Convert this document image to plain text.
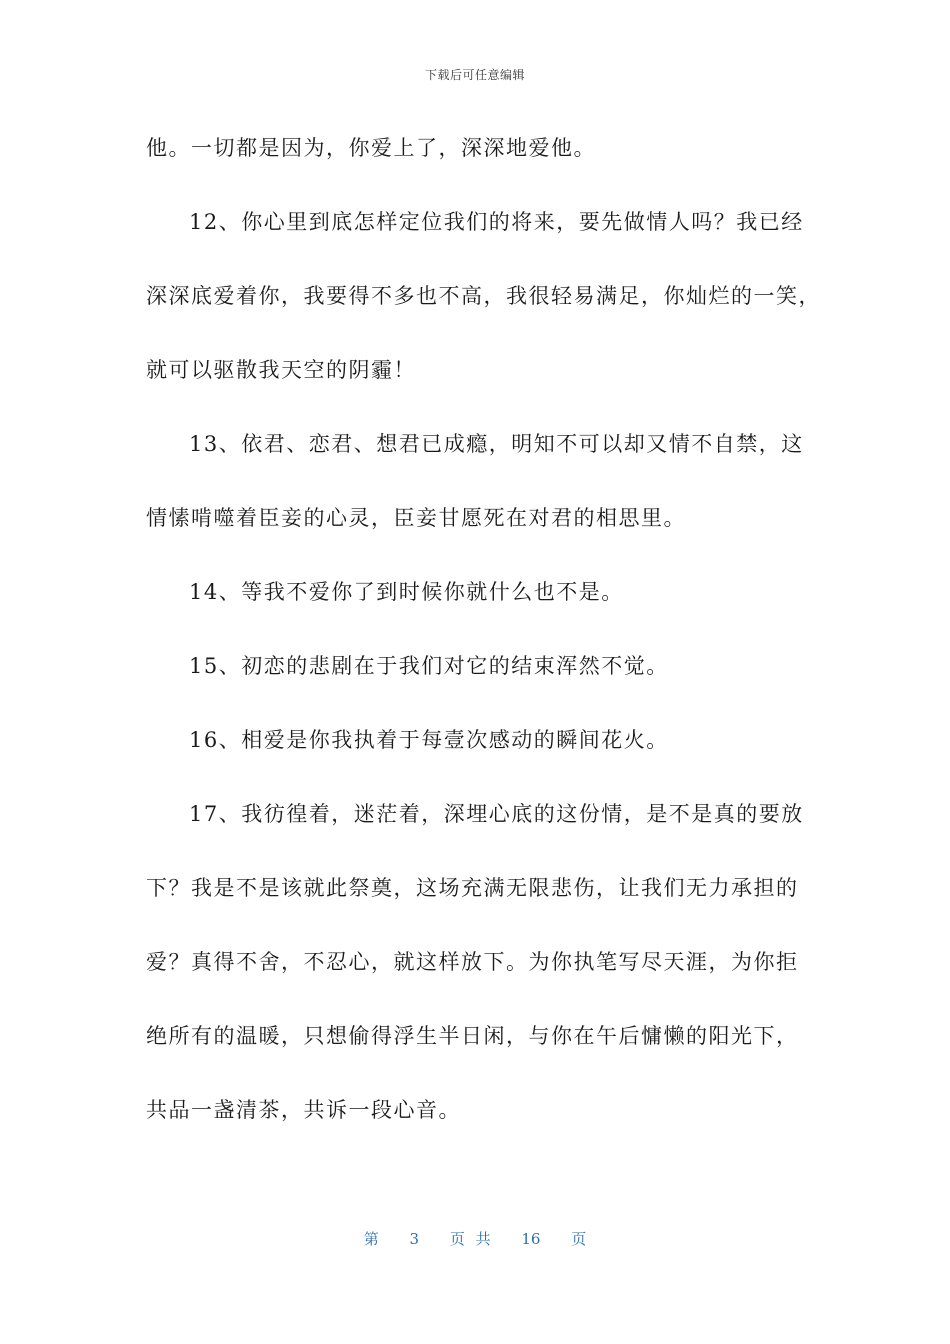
下载后可任意编辑
他。一切都是因为，你爱上了，深深地爱他。
12、你心里到底怎样定位我们的将来，要先做情人吗？我已经
深深底爱着你，我要得不多也不高，我很轻易满足，你灿烂的一笑，
就可以驱散我天空的阴霾！
13、依君、恋君、想君已成瘾，明知不可以却又情不自禁，这
情愫啃噬着臣妾的心灵，臣妾甘愿死在对君的相思里。
14、等我不爱你了到时候你就什么也不是。
15、初恋的悲剧在于我们对它的结束浑然不觉。
16、相爱是你我执着于每壹次感动的瞬间花火。
17、我彷徨着，迷茫着，深埋心底的这份情，是不是真的要放
下？我是不是该就此祭奠，这场充满无限悲伤，让我们无力承担的
爱？真得不舍，不忍心，就这样放下。为你执笔写尽天涯，为你拒
绝所有的温暖，只想偷得浮生半日闲，与你在午后慵懒的阳光下，
共品一盏清茶，共诉一段心音。
第 3 页 共 16 页
